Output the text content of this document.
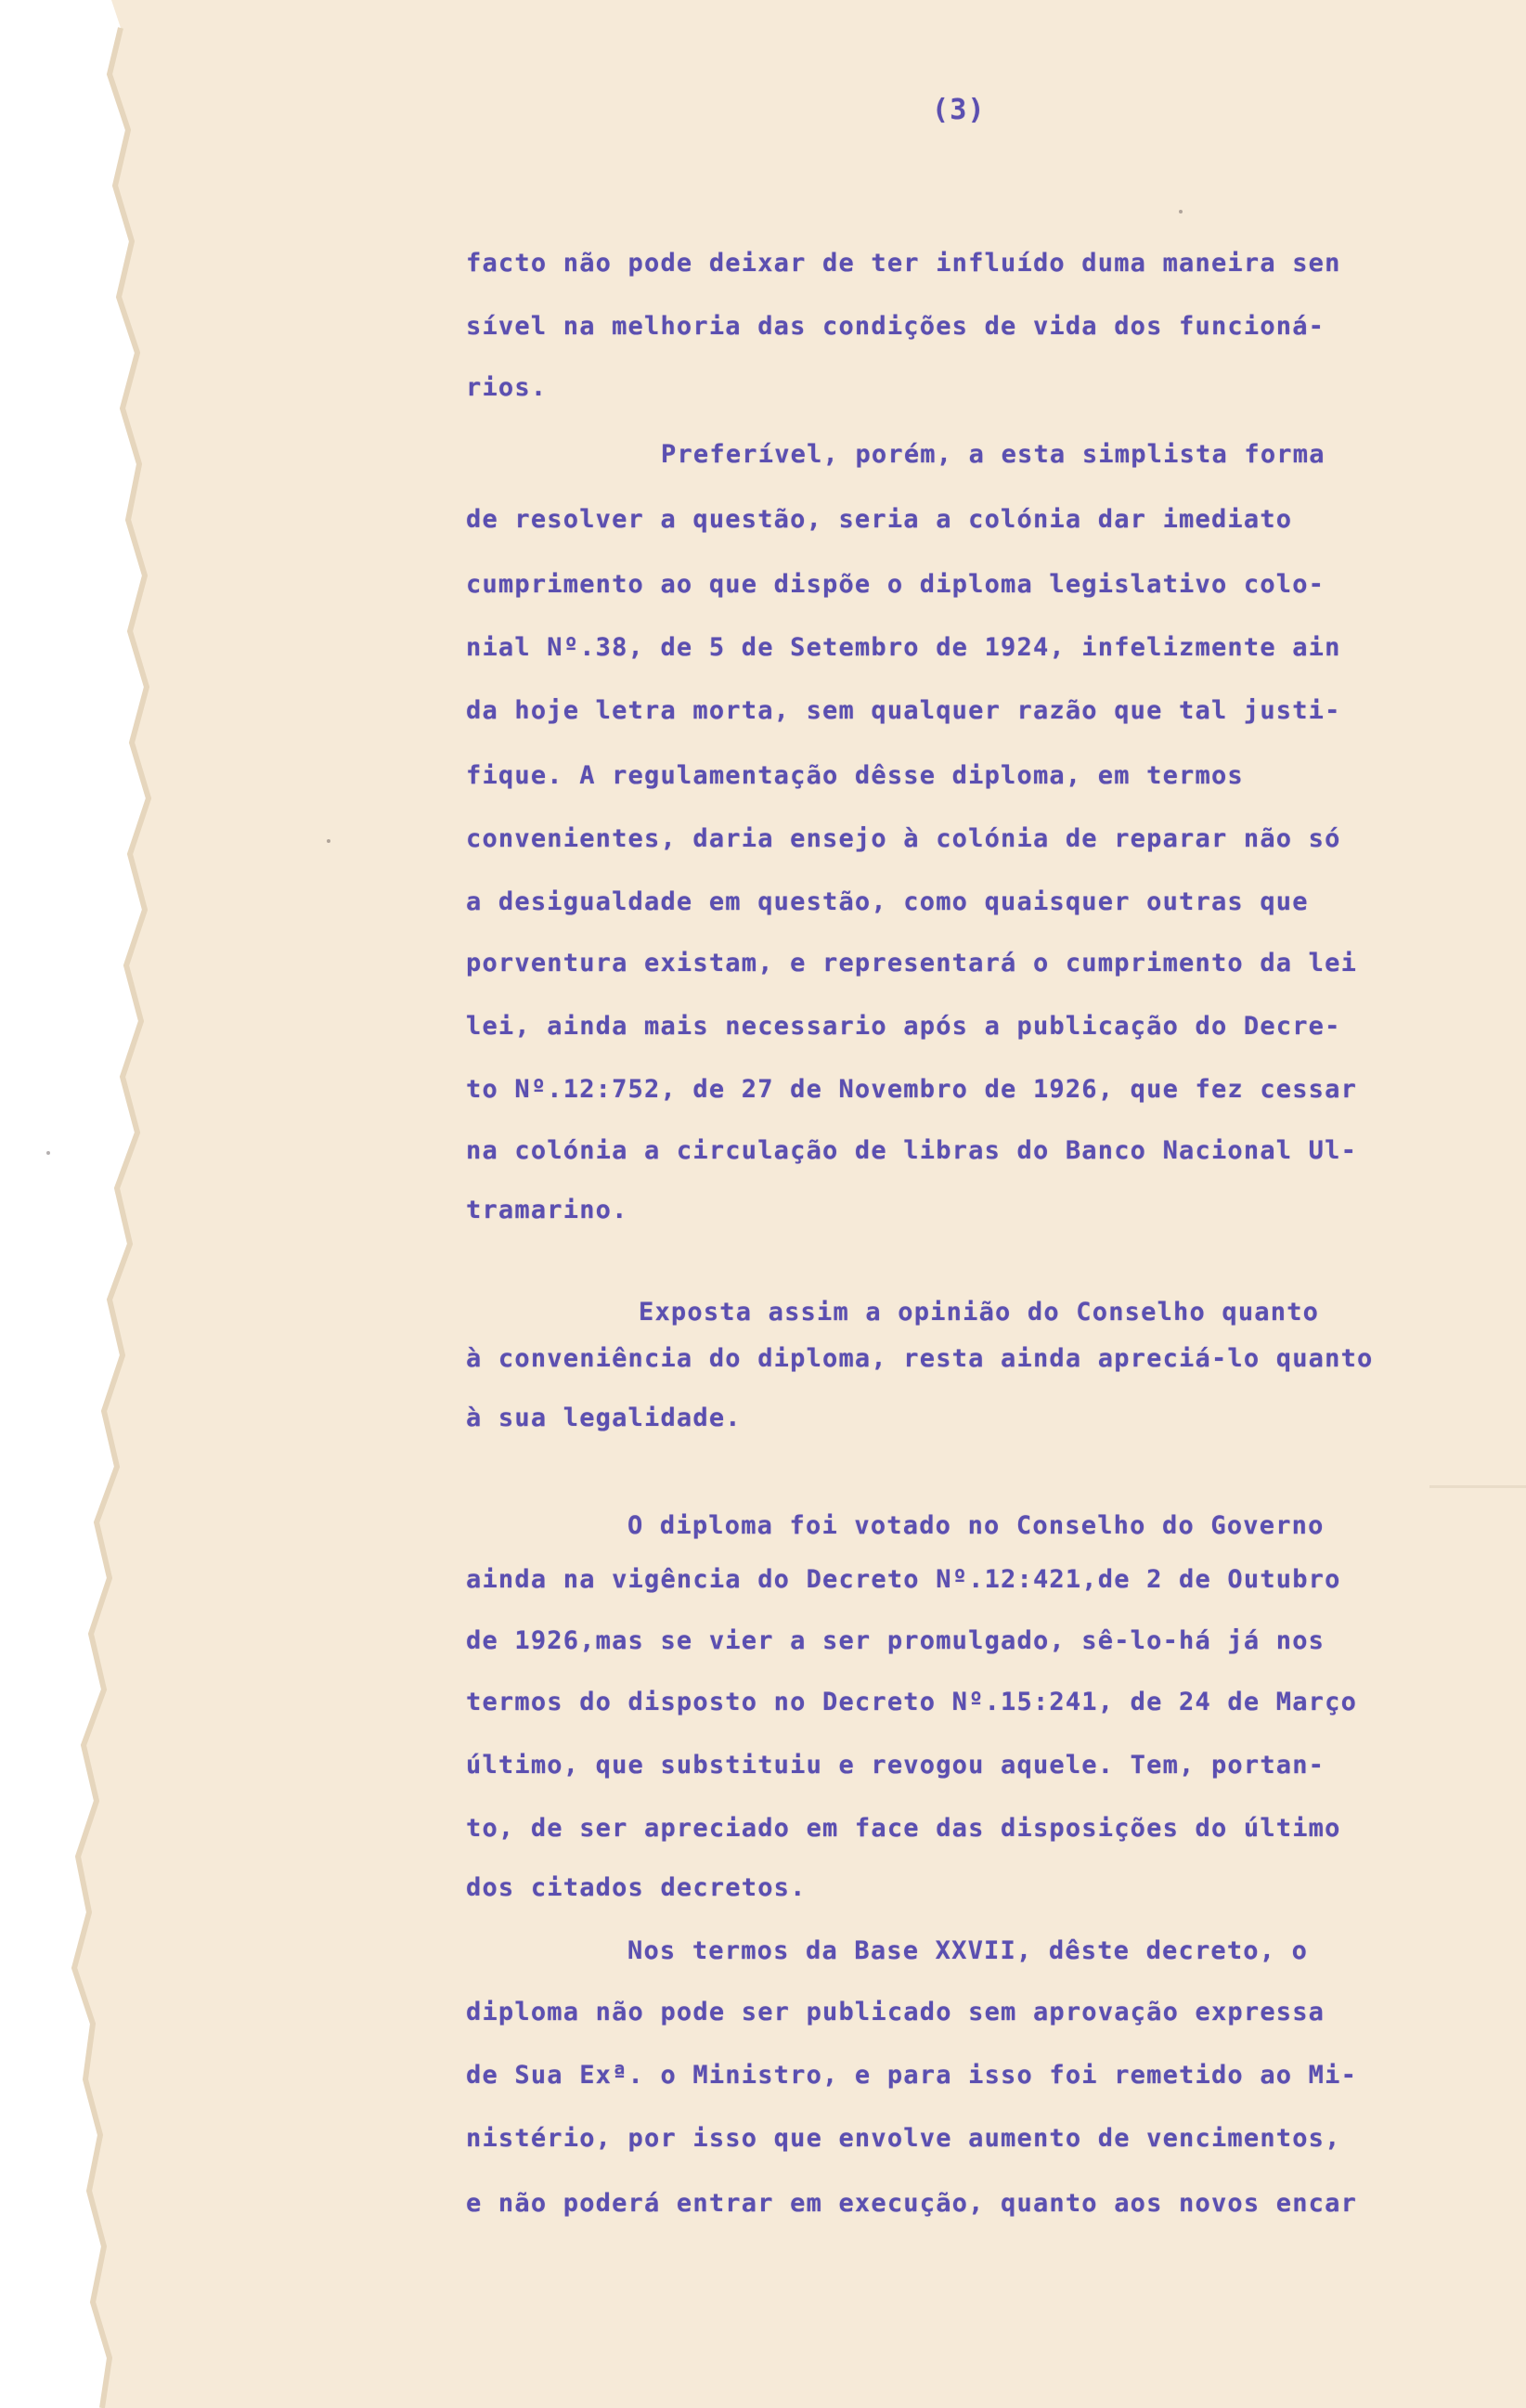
(3)
facto não pode deixar de ter influído duma maneira sen
sível na melhoria das condições de vida dos funcioná-
rios.
Preferível, porém, a esta simplista forma
de resolver a questão, seria a colónia dar imediato
cumprimento ao que dispõe o diploma legislativo colo-
nial Nº.38, de 5 de Setembro de 1924, infelizmente ain
da hoje letra morta, sem qualquer razão que tal justi-
fique. A regulamentação dêsse diploma, em termos
convenientes, daria ensejo à colónia de reparar não só
a desigualdade em questão, como quaisquer outras que
porventura existam, e representará o cumprimento da lei
lei, ainda mais necessario após a publicação do Decre-
to Nº.12:752, de 27 de Novembro de 1926, que fez cessar
na colónia a circulação de libras do Banco Nacional Ul-
tramarino.
Exposta assim a opinião do Conselho quanto
à conveniência do diploma, resta ainda apreciá-lo quanto
à sua legalidade.
O diploma foi votado no Conselho do Governo
ainda na vigência do Decreto Nº.12:421,de 2 de Outubro
de 1926,mas se vier a ser promulgado, sê-lo-há já nos
termos do disposto no Decreto Nº.15:241, de 24 de Março
último, que substituiu e revogou aquele. Tem, portan-
to, de ser apreciado em face das disposições do último
dos citados decretos.
Nos termos da Base XXVII, dêste decreto, o
diploma não pode ser publicado sem aprovação expressa
de Sua Exª. o Ministro, e para isso foi remetido ao Mi-
nistério, por isso que envolve aumento de vencimentos,
e não poderá entrar em execução, quanto aos novos encar
